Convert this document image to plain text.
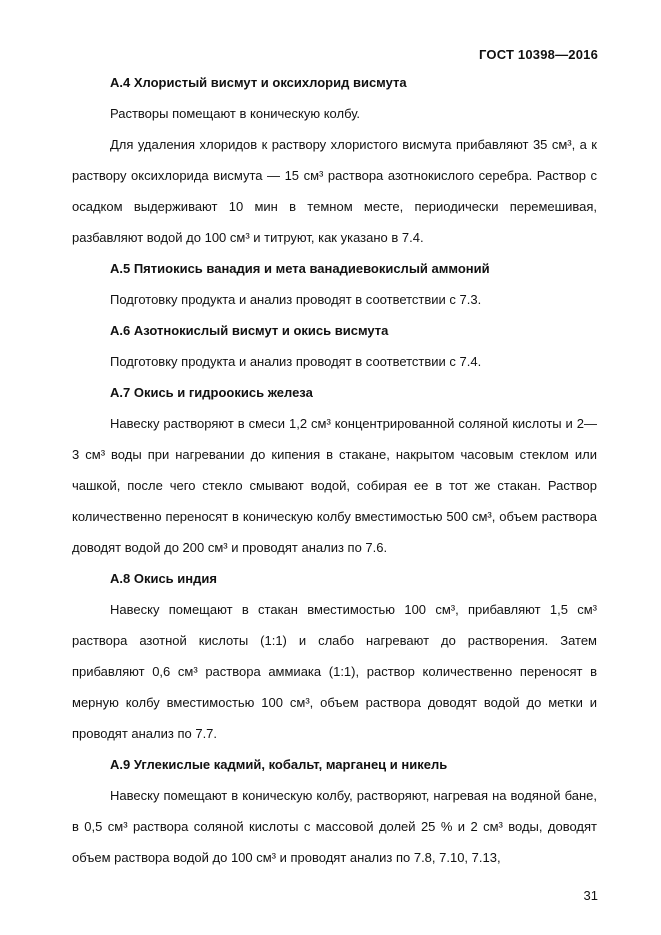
ГОСТ 10398—2016

А.4 Хлористый висмут и оксихлорид висмута

Растворы помещают в коническую колбу.

Для удаления хлоридов к раствору хлористого висмута прибавляют 35 см³, а к раствору оксихлорида висмута — 15 см³ раствора азотнокислого серебра. Раствор с осадком выдерживают 10 мин в темном месте, периодически перемешивая, разбавляют водой до 100 см³ и титруют, как указано в 7.4.

А.5 Пятиокись ванадия и мета ванадиевокислый аммоний

Подготовку продукта и анализ проводят в соответствии с 7.3.

А.6 Азотнокислый висмут и окись висмута

Подготовку продукта и анализ проводят в соответствии с 7.4.

А.7 Окись и гидроокись железа

Навеску растворяют в смеси 1,2 см³ концентрированной соляной кислоты и 2—3 см³ воды при нагревании до кипения в стакане, накрытом часовым стеклом или чашкой, после чего стекло смывают водой, собирая ее в тот же стакан. Раствор количественно переносят в коническую колбу вместимостью 500 см³, объем раствора доводят водой до 200 см³ и проводят анализ по 7.6.

А.8 Окись индия

Навеску помещают в стакан вместимостью 100 см³, прибавляют 1,5 см³ раствора азотной кислоты (1:1) и слабо нагревают до растворения. Затем прибавляют 0,6 см³ раствора аммиака (1:1), раствор количественно переносят в мерную колбу вместимостью 100 см³, объем раствора доводят водой до метки и проводят анализ по 7.7.

А.9 Углекислые кадмий, кобальт, марганец и никель

Навеску помещают в коническую колбу, растворяют, нагревая на водяной бане, в 0,5 см³ раствора соляной кислоты с массовой долей 25 % и 2 см³ воды, доводят объем раствора водой до 100 см³ и проводят анализ по 7.8, 7.10, 7.13,

31
